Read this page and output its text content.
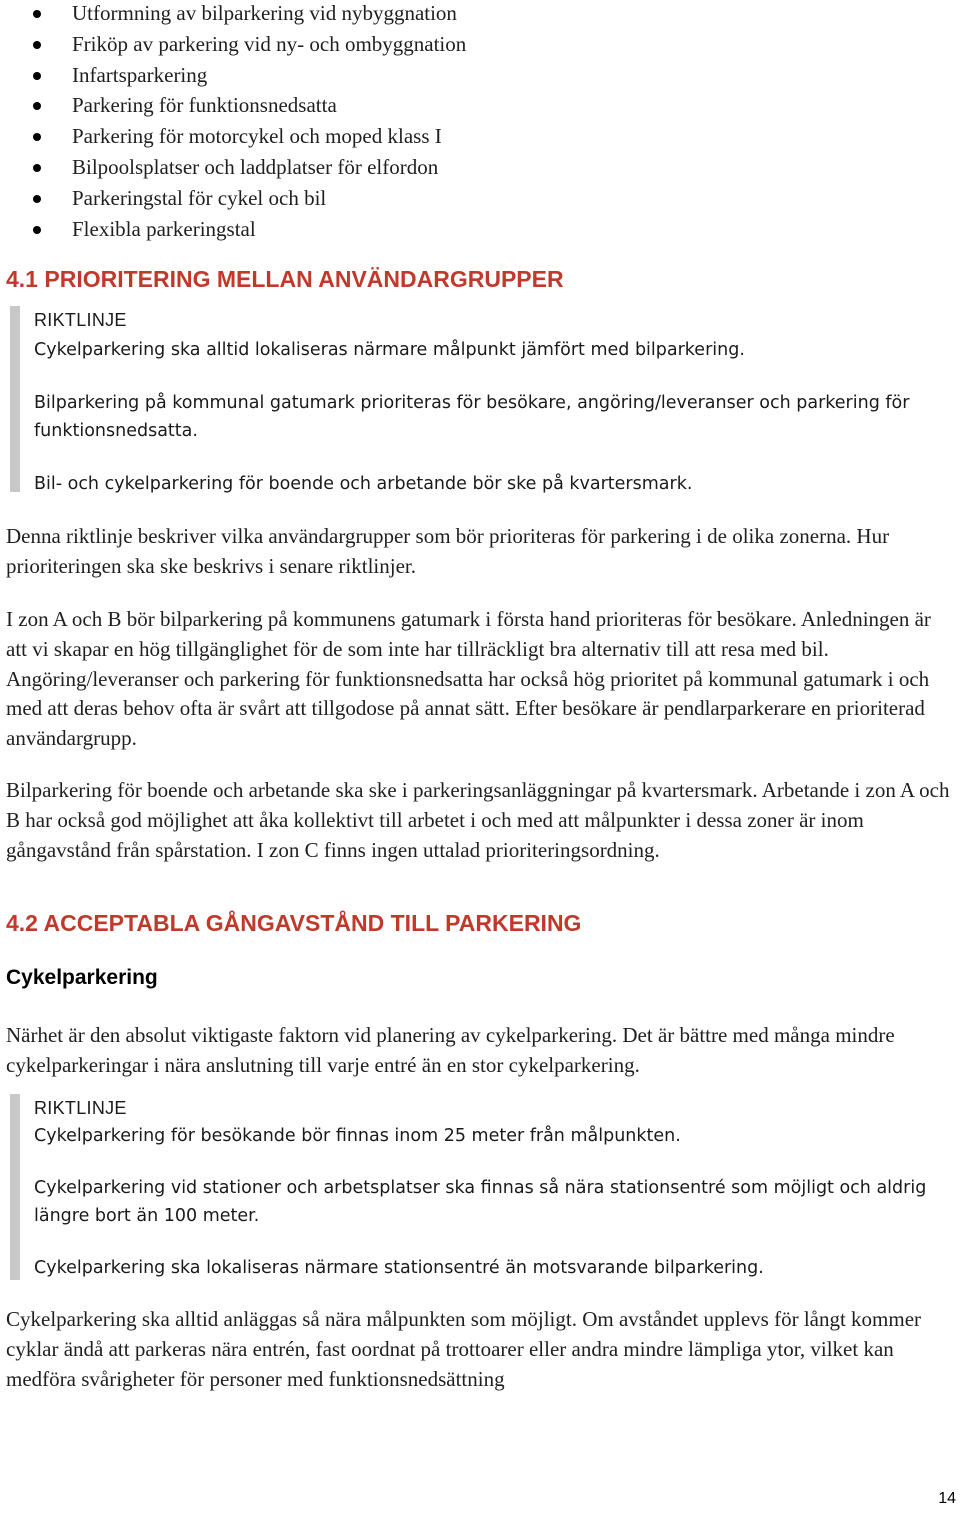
Utformning av bilparkering vid nybyggnation
Friköp av parkering vid ny- och ombyggnation
Infartsparkering
Parkering för funktionsnedsatta
Parkering för motorcykel och moped klass I
Bilpoolsplatser och laddplatser för elfordon
Parkeringstal för cykel och bil
Flexibla parkeringstal
4.1 PRIORITERING MELLAN ANVÄNDARGRUPPER

RIKTLINJE

Cykelparkering ska alltid lokaliseras närmare målpunkt jämfört med bilparkering.

Bilparkering på kommunal gatumark prioriteras för besökare, angöring/leveranser och parkering för funktionsnedsatta.

Bil- och cykelparkering för boende och arbetande bör ske på kvartersmark.

Denna riktlinje beskriver vilka användargrupper som bör prioriteras för parkering i de olika zonerna. Hur prioriteringen ska ske beskrivs i senare riktlinjer.

I zon A och B bör bilparkering på kommunens gatumark i första hand prioriteras för besökare. Anledningen är att vi skapar en hög tillgänglighet för de som inte har tillräckligt bra alternativ till att resa med bil. Angöring/leveranser och parkering för funktionsnedsatta har också hög prioritet på kommunal gatumark i och med att deras behov ofta är svårt att tillgodose på annat sätt. Efter besökare är pendlarparkerare en prioriterad användargrupp.

Bilparkering för boende och arbetande ska ske i parkeringsanläggningar på kvartersmark. Arbetande i zon A och B har också god möjlighet att åka kollektivt till arbetet i och med att målpunkter i dessa zoner är inom gångavstånd från spårstation. I zon C finns ingen uttalad prioriteringsordning.

4.2 ACCEPTABLA GÅNGAVSTÅND TILL PARKERING
Cykelparkering

Närhet är den absolut viktigaste faktorn vid planering av cykelparkering. Det är bättre med många mindre cykelparkeringar i nära anslutning till varje entré än en stor cykelparkering.

RIKTLINJE

Cykelparkering för besökande bör finnas inom 25 meter från målpunkten.

Cykelparkering vid stationer och arbetsplatser ska finnas så nära stationsentré som möjligt och aldrig längre bort än 100 meter.

Cykelparkering ska lokaliseras närmare stationsentré än motsvarande bilparkering.

Cykelparkering ska alltid anläggas så nära målpunkten som möjligt. Om avståndet upplevs för långt kommer cyklar ändå att parkeras nära entrén, fast oordnat på trottoarer eller andra mindre lämpliga ytor, vilket kan medföra svårigheter för personer med funktionsnedsättning

14
